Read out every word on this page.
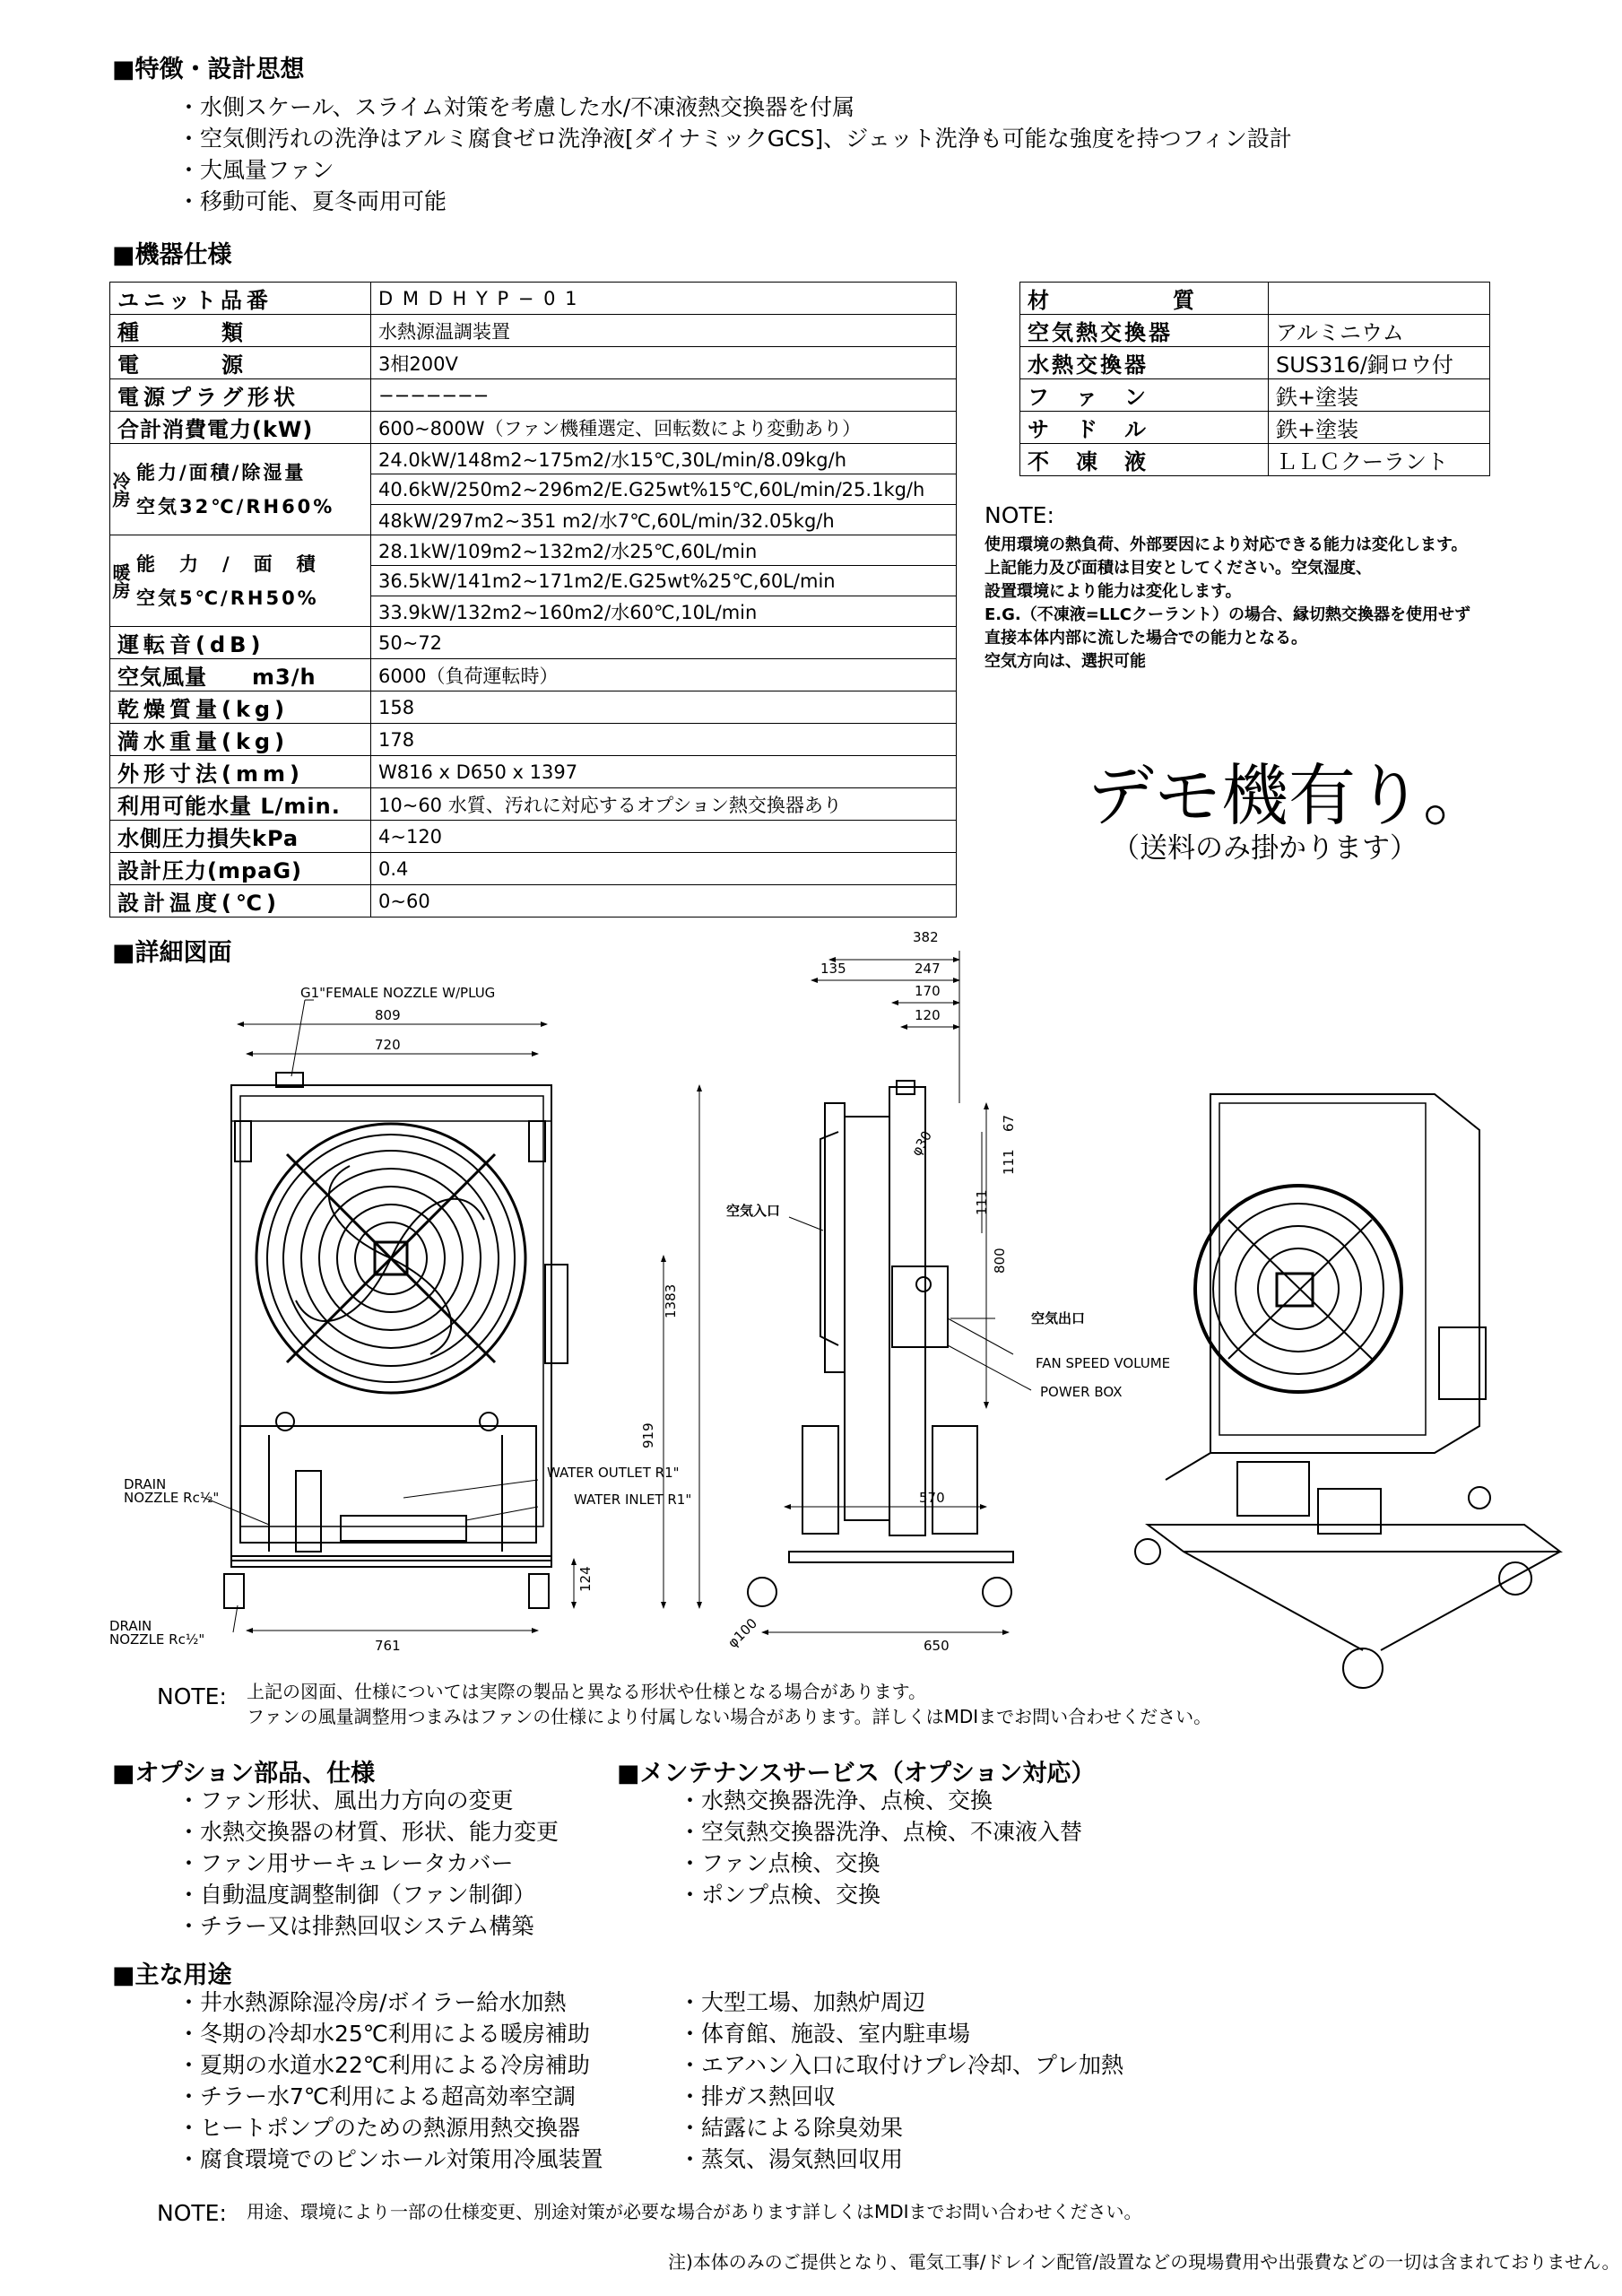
■特徴・設計思想
・水側スケール、スライム対策を考慮した水/不凍液熱交換器を付属
・空気側汚れの洗浄はアルミ腐食ゼロ洗浄液[ダイナミックGCS]、ジェット洗浄も可能な強度を持つフィン設計
・大風量ファン
・移動可能、夏冬両用可能
■機器仕様
ユニット品番		D M D H Y P − 0 1
種　　　類		水熱源温調装置
電　　　源		3相200V
電源プラグ形状		−−−−−−−
合計消費電力(kW)		600~800W（ファン機種選定、回転数により変動あり）

冷房	能力/面積/除湿量
空気32℃/RH60%	24.0kW/148m2~175m2/水15℃,30L/min/8.09kg/h
		40.6kW/250m2~296m2/E.G25wt%15℃,60L/min/25.1kg/h
		48kW/297m2~351 m2/水7℃,60L/min/32.05kg/h

暖房	能　力　/　面　積
空気5℃/RH50%	28.1kW/109m2~132m2/水25℃,60L/min
		36.5kW/141m2~171m2/E.G25wt%25℃,60L/min
		33.9kW/132m2~160m2/水60℃,10L/min
運転音(dB)		50~72
空気風量　　m3/h		6000（負荷運転時）
乾燥質量(kg)		158
満水重量(kg)		178
外形寸法(mm)		W816 x D650 x 1397
利用可能水量 L/min.		10~60 水質、汚れに対応するオプション熱交換器あり
水側圧力損失kPa		4~120
設計圧力(mpaG)		0.4
設計温度(℃)		0~60
材　　　　　質	
空気熱交換器	アルミニウム
水熱交換器	SUS316/銅ロウ付
フ　ァ　ン	鉄+塗装
サ　ド　ル	鉄+塗装
不　凍　液	ＬＬＣクーラント
NOTE:
使用環境の熱負荷、外部要因により対応できる能力は変化します。
上記能力及び面積は目安としてください。空気湿度、
設置環境により能力は変化します。
E.G.（不凍液=LLCクーラント）の場合、縁切熱交換器を使用せず
直接本体内部に流した場合での能力となる。
空気方向は、選択可能
デモ機有り。
（送料のみ掛かります）
■詳細図面
G1"FEMALE NOZZLE W/PLUG
809
720
1383
919
124
761
DRAIN
NOZZLE Rc½"
DRAIN
NOZZLE Rc½"
WATER OUTLET R1"
WATER INLET R1"
382
135	247
170
120
67
111
111
800
φ30
570
650
φ100
空気入口
空気出口
FAN SPEED VOLUME
POWER BOX
NOTE: 上記の図面、仕様については実際の製品と異なる形状や仕様となる場合があります。
ファンの風量調整用つまみはファンの仕様により付属しない場合があります。詳しくはMDIまでお問い合わせください。
■オプション部品、仕様
・ファン形状、風出力方向の変更
・水熱交換器の材質、形状、能力変更
・ファン用サーキュレータカバー
・自動温度調整制御（ファン制御）
・チラー又は排熱回収システム構築
■メンテナンスサービス（オプション対応）
・水熱交換器洗浄、点検、交換
・空気熱交換器洗浄、点検、不凍液入替
・ファン点検、交換
・ポンプ点検、交換
■主な用途
・井水熱源除湿冷房/ボイラー給水加熱
・冬期の冷却水25℃利用による暖房補助
・夏期の水道水22℃利用による冷房補助
・チラー水7℃利用による超高効率空調
・ヒートポンプのための熱源用熱交換器
・腐食環境でのピンホール対策用冷風装置
・大型工場、加熱炉周辺
・体育館、施設、室内駐車場
・エアハン入口に取付けプレ冷却、プレ加熱
・排ガス熱回収
・結露による除臭効果
・蒸気、湯気熱回収用
NOTE: 用途、環境により一部の仕様変更、別途対策が必要な場合があります詳しくはMDIまでお問い合わせください。
注)本体のみのご提供となり、電気工事/ドレイン配管/設置などの現場費用や出張費などの一切は含まれておりません。
